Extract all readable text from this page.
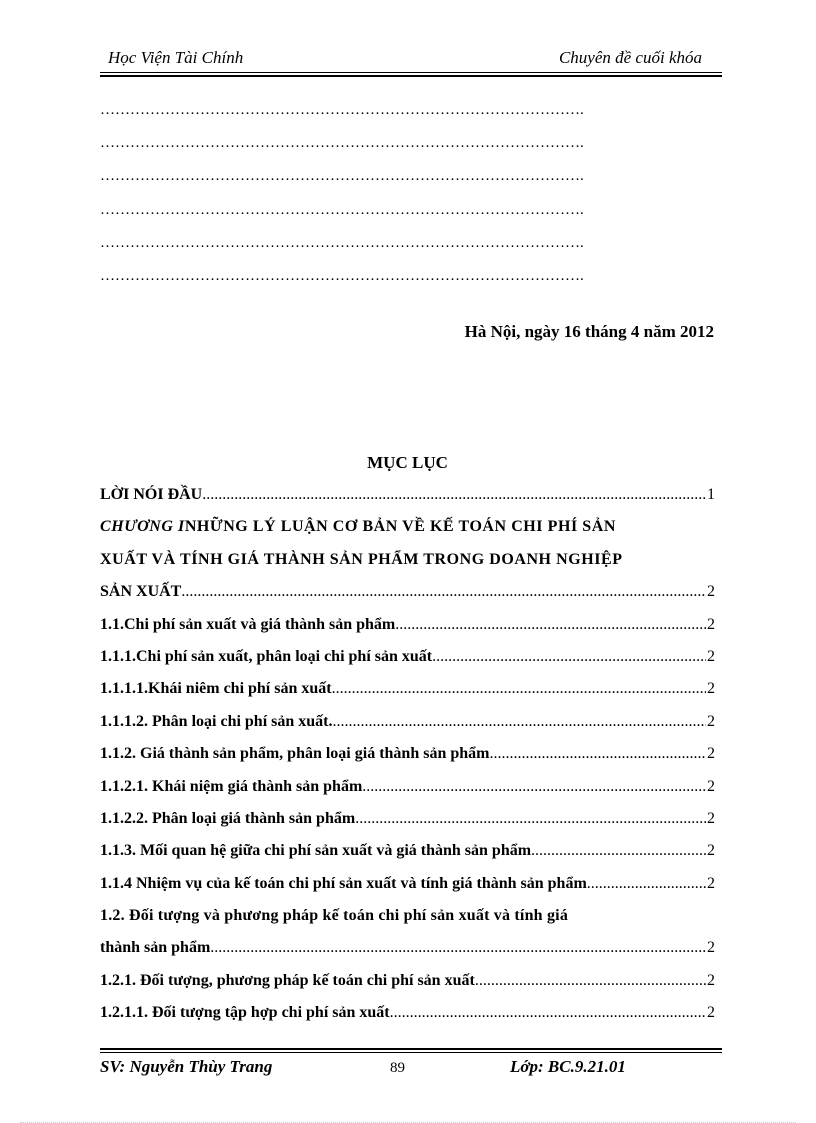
Học Viện Tài Chính	Chuyên đề cuối khóa
…………………………………………………………………………………….
…………………………………………………………………………………….
…………………………………………………………………………………….
…………………………………………………………………………………….
…………………………………………………………………………………….
…………………………………………………………………………………….
Hà Nội, ngày 16 tháng 4 năm 2012
MỤC LỤC
LỜI NÓI ĐẦU .....	1
CHƯƠNG INHỮNG LÝ LUẬN CƠ BẢN VỀ KẾ TOÁN CHI PHÍ SẢN
XUẤT VÀ TÍNH GIÁ THÀNH SẢN PHẨM TRONG DOANH NGHIỆP
SẢN XUẤT .....	2
1.1.Chi phí sản xuất và giá thành sản phẩm .....	2
1.1.1.Chi phí sản xuất, phân loại chi phí sản xuất .....	2
1.1.1.1.Khái niêm chi phí sản xuất .....	2
1.1.1.2. Phân loại chi phí sản xuất. .....	2
1.1.2. Giá thành sản phẩm, phân loại giá thành sản phẩm .....	2
1.1.2.1. Khái niệm giá thành sản phẩm .....	2
1.1.2.2. Phân loại giá thành sản phẩm .....	2
1.1.3. Mối quan hệ giữa chi phí sản xuất và giá thành sản phẩm .....	2
1.1.4 Nhiệm vụ của kế toán chi phí sản xuất và tính giá thành sản phẩm .....	2
1.2. Đối tượng và phương pháp kế toán chi phí sản xuất và tính giá
thành sản phẩm .....	2
1.2.1. Đối tượng, phương pháp kế toán chi phí sản xuất .....	2
1.2.1.1. Đối tượng tập hợp chi phí sản xuất .....	2
SV: Nguyễn Thùy Trang	89	Lớp: BC.9.21.01
